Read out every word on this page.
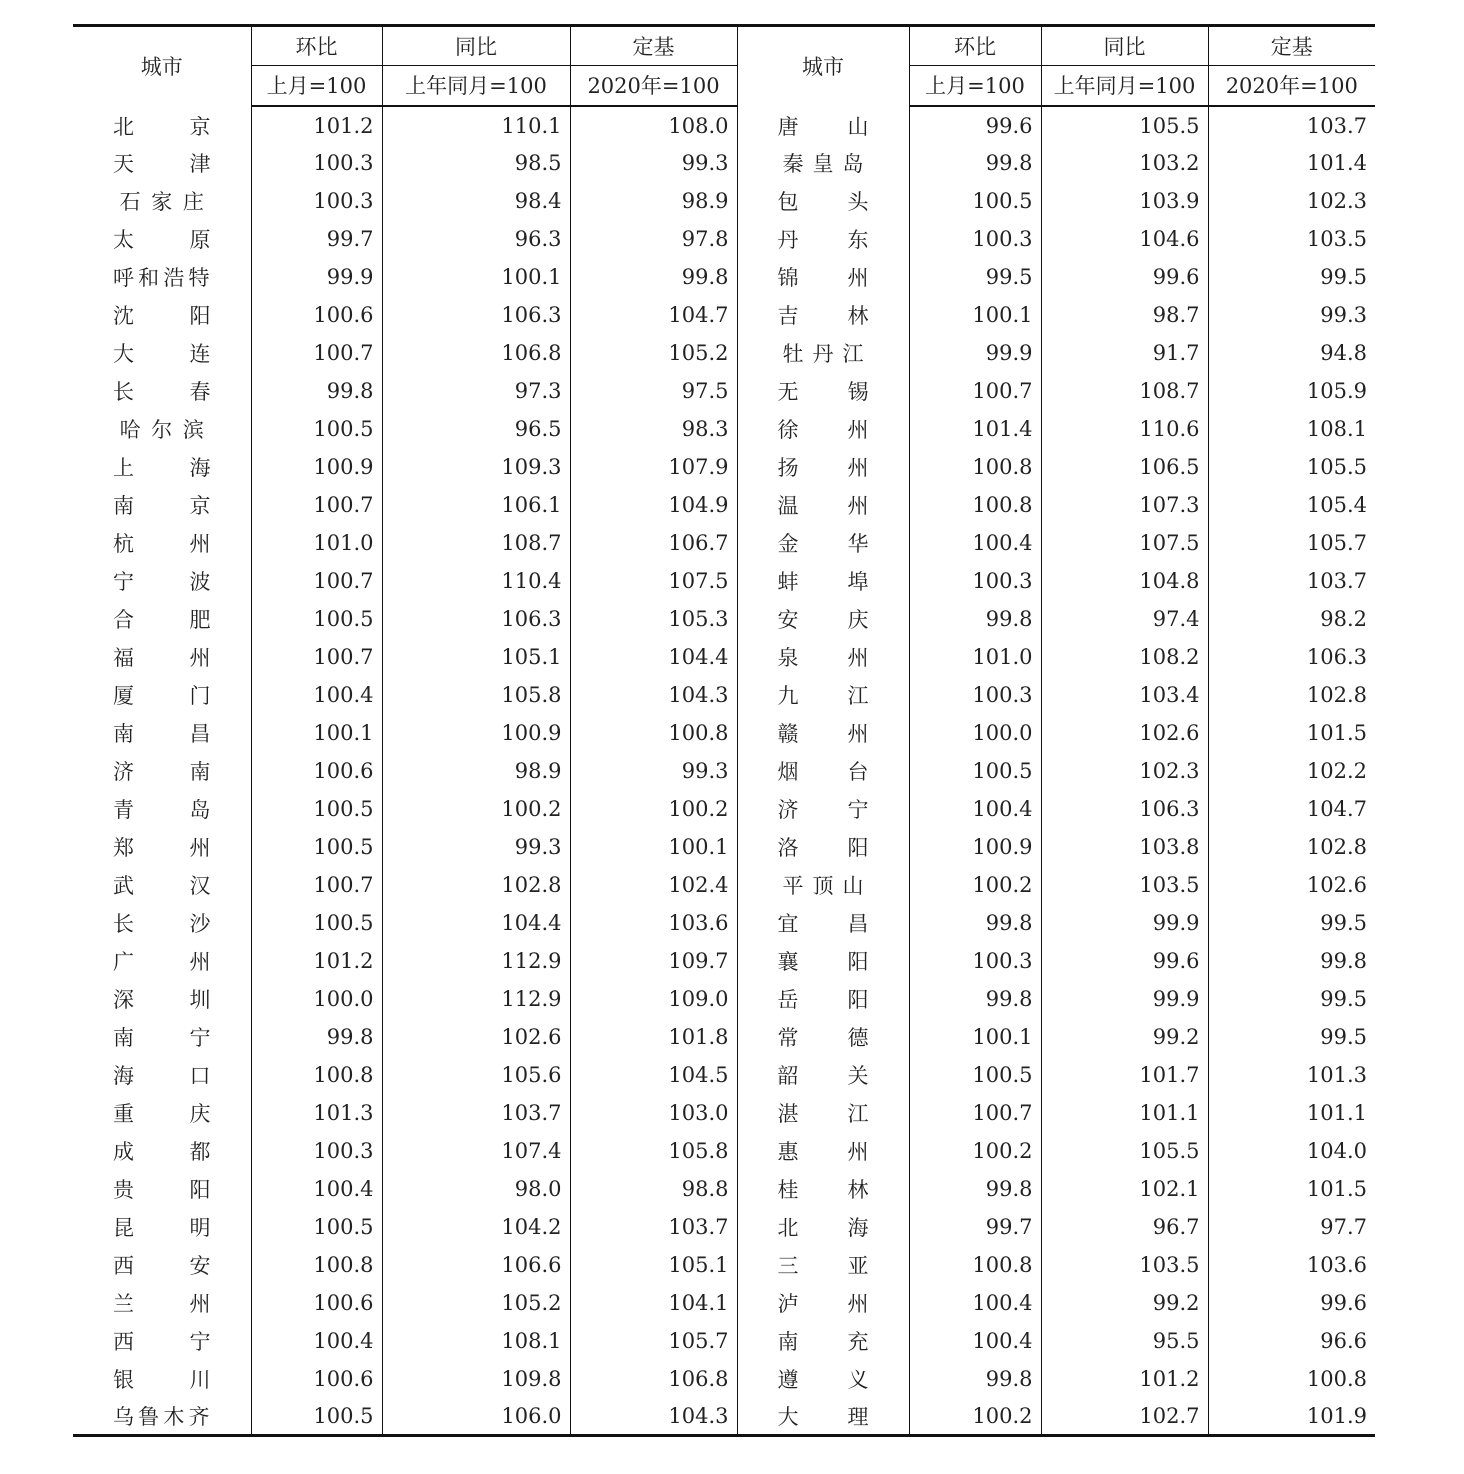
城市	环比	同比	定基	城市	环比	同比	定基
	上月=100	上年同月=100	2020年=100		上月=100	上年同月=100	2020年=100

北 京	101.2	110.1	108.0	唐 山	99.6	105.5	103.7

天 津	100.3	98.5	99.3	秦 皇 岛	99.8	103.2	101.4

石 家 庄	100.3	98.4	98.9	包 头	100.5	103.9	102.3

太 原	99.7	96.3	97.8	丹 东	100.3	104.6	103.5

呼 和 浩 特	99.9	100.1	99.8	锦 州	99.5	99.6	99.5

沈 阳	100.6	106.3	104.7	吉 林	100.1	98.7	99.3

大 连	100.7	106.8	105.2	牡 丹 江	99.9	91.7	94.8

长 春	99.8	97.3	97.5	无 锡	100.7	108.7	105.9

哈 尔 滨	100.5	96.5	98.3	徐 州	101.4	110.6	108.1

上 海	100.9	109.3	107.9	扬 州	100.8	106.5	105.5

南 京	100.7	106.1	104.9	温 州	100.8	107.3	105.4

杭 州	101.0	108.7	106.7	金 华	100.4	107.5	105.7

宁 波	100.7	110.4	107.5	蚌 埠	100.3	104.8	103.7

合 肥	100.5	106.3	105.3	安 庆	99.8	97.4	98.2

福 州	100.7	105.1	104.4	泉 州	101.0	108.2	106.3

厦 门	100.4	105.8	104.3	九 江	100.3	103.4	102.8

南 昌	100.1	100.9	100.8	赣 州	100.0	102.6	101.5

济 南	100.6	98.9	99.3	烟 台	100.5	102.3	102.2

青 岛	100.5	100.2	100.2	济 宁	100.4	106.3	104.7

郑 州	100.5	99.3	100.1	洛 阳	100.9	103.8	102.8

武 汉	100.7	102.8	102.4	平 顶 山	100.2	103.5	102.6

长 沙	100.5	104.4	103.6	宜 昌	99.8	99.9	99.5

广 州	101.2	112.9	109.7	襄 阳	100.3	99.6	99.8

深 圳	100.0	112.9	109.0	岳 阳	99.8	99.9	99.5

南 宁	99.8	102.6	101.8	常 德	100.1	99.2	99.5

海 口	100.8	105.6	104.5	韶 关	100.5	101.7	101.3

重 庆	101.3	103.7	103.0	湛 江	100.7	101.1	101.1

成 都	100.3	107.4	105.8	惠 州	100.2	105.5	104.0

贵 阳	100.4	98.0	98.8	桂 林	99.8	102.1	101.5

昆 明	100.5	104.2	103.7	北 海	99.7	96.7	97.7

西 安	100.8	106.6	105.1	三 亚	100.8	103.5	103.6

兰 州	100.6	105.2	104.1	泸 州	100.4	99.2	99.6

西 宁	100.4	108.1	105.7	南 充	100.4	95.5	96.6

银 川	100.6	109.8	106.8	遵 义	99.8	101.2	100.8

乌 鲁 木 齐	100.5	106.0	104.3	大 理	100.2	102.7	101.9
